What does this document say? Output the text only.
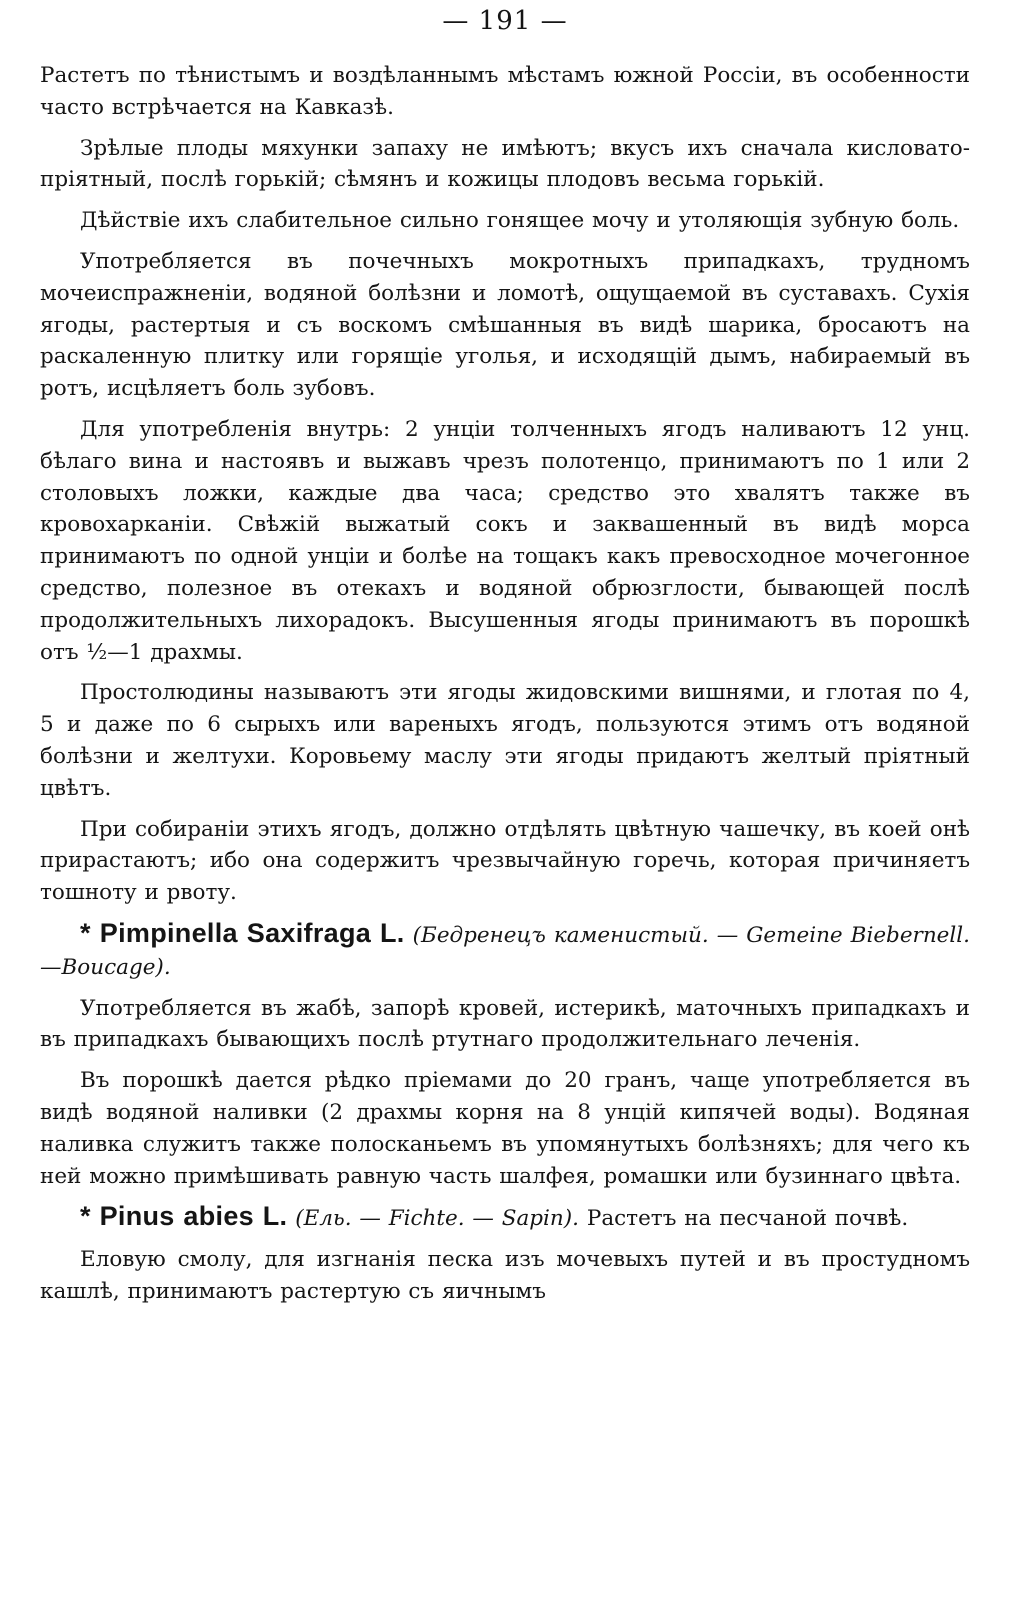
— 191 —

Растетъ по тѣнистымъ и воздѣланнымъ мѣстамъ южной Россіи, въ особенности часто встрѣчается на Кавказѣ.

Зрѣлые плоды мяхунки запаху не имѣютъ; вкусъ ихъ сначала кисловато-пріятный, послѣ горькій; сѣмянъ и кожицы плодовъ весьма горькій.

Дѣйствіе ихъ слабительное сильно гонящее мочу и утоляющія зубную боль.

Употребляется въ почечныхъ мокротныхъ припадкахъ, трудномъ мочеиспражненіи, водяной болѣзни и ломотѣ, ощущаемой въ суставахъ. Сухія ягоды, растертыя и съ воскомъ смѣшанныя въ видѣ шарика, бросаютъ на раскаленную плитку или горящіе уголья, и исходящій дымъ, набираемый въ ротъ, исцѣляетъ боль зубовъ.

Для употребленія внутрь: 2 унціи толченныхъ ягодъ наливаютъ 12 унц. бѣлаго вина и настоявъ и выжавъ чрезъ полотенцо, принимаютъ по 1 или 2 столовыхъ ложки, каждые два часа; средство это хвалятъ также въ кровохарканіи. Свѣжій выжатый сокъ и заквашенный въ видѣ морса принимаютъ по одной унціи и болѣе на тощакъ какъ превосходное мочегонное средство, полезное въ отекахъ и водяной обрюзглости, бывающей послѣ продолжительныхъ лихорадокъ. Высушенныя ягоды принимаютъ въ порошкѣ отъ ½—1 драхмы.

Простолюдины называютъ эти ягоды жидовскими вишнями, и глотая по 4, 5 и даже по 6 сырыхъ или вареныхъ ягодъ, пользуются этимъ отъ водяной болѣзни и желтухи. Коровьему маслу эти ягоды придаютъ желтый пріятный цвѣтъ.

При собираніи этихъ ягодъ, должно отдѣлять цвѣтную чашечку, въ коей онѣ прирастаютъ; ибо она содержитъ чрезвычайную горечь, которая причиняетъ тошноту и рвоту.

* Pimpinella Saxifraga L. (Бедренецъ каменистый. — Gemeine Biebernell.—Boucage).

Употребляется въ жабѣ, запорѣ кровей, истерикѣ, маточныхъ припадкахъ и въ припадкахъ бывающихъ послѣ ртутнаго продолжительнаго леченія.

Въ порошкѣ дается рѣдко пріемами до 20 гранъ, чаще употребляется въ видѣ водяной наливки (2 драхмы корня на 8 унцій кипячей воды). Водяная наливка служитъ также полосканьемъ въ упомянутыхъ болѣзняхъ; для чего къ ней можно примѣшивать равную часть шалфея, ромашки или бузиннаго цвѣта.

* Pinus abies L. (Ель. — Fichte. — Sapin). Растетъ на песчаной почвѣ.

Еловую смолу, для изгнанія песка изъ мочевыхъ путей и въ простудномъ кашлѣ, принимаютъ растертую съ яичнымъ
